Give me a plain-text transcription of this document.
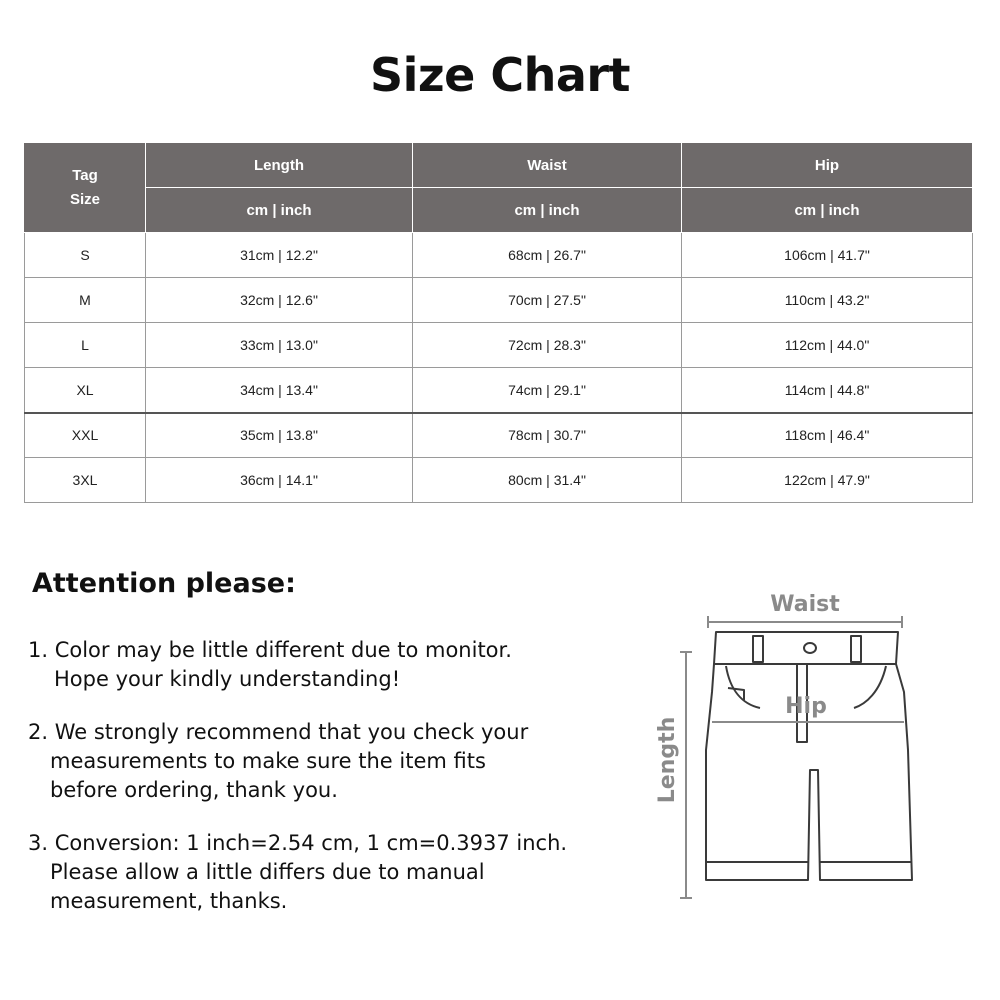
Size Chart
Tag
Size	Length	Waist	Hip
	cm | inch	cm | inch	cm | inch
S	31cm | 12.2"	68cm | 26.7"	106cm | 41.7"
M	32cm | 12.6"	70cm | 27.5"	110cm | 43.2"
L	33cm | 13.0"	72cm | 28.3"	112cm | 44.0"
XL	34cm | 13.4"	74cm | 29.1"	114cm | 44.8"
XXL	35cm | 13.8"	78cm | 30.7"	118cm | 46.4"
3XL	36cm | 14.1"	80cm | 31.4"	122cm | 47.9"
Attention please:
1. Color may be little different due to monitor.
Hope your kindly understanding!
2. We strongly recommend that you check your
measurements to make sure the item fits
before ordering, thank you.
3. Conversion: 1 inch=2.54 cm, 1 cm=0.3937 inch.
Please allow a little differs due to manual
measurement, thanks.
Waist
Hip
Length
